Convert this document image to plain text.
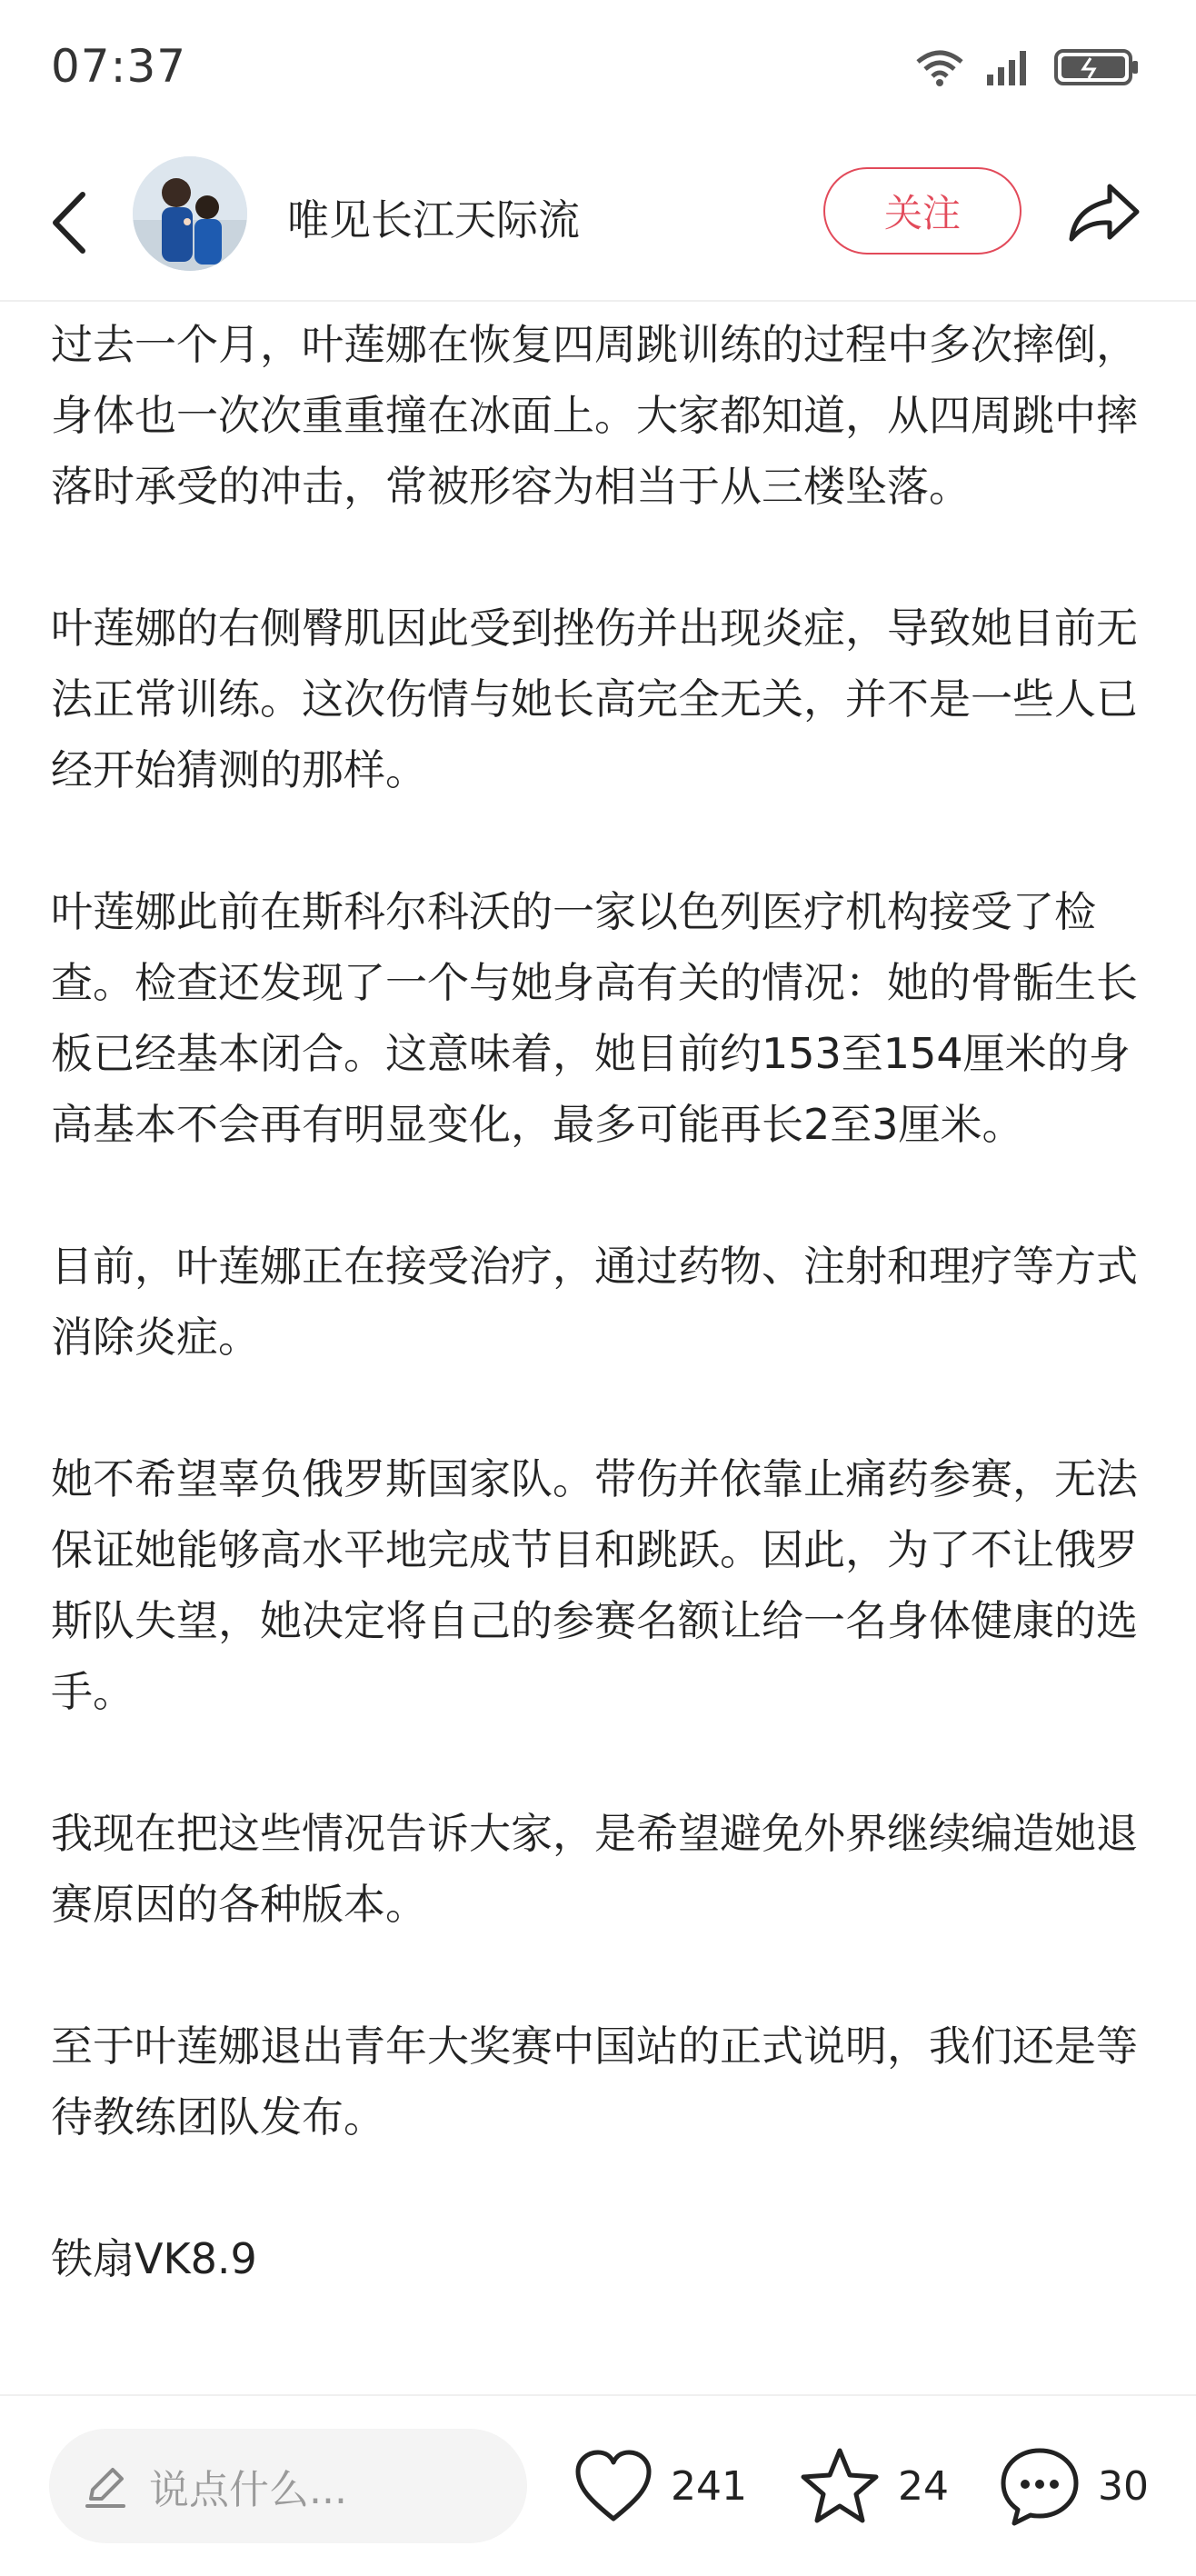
07:37
唯见长江天际流	关注

过去一个月，叶莲娜在恢复四周跳训练的过程中多次摔倒，身体也一次次重重撞在冰面上。大家都知道，从四周跳中摔落时承受的冲击，常被形容为相当于从三楼坠落。

叶莲娜的右侧臀肌因此受到挫伤并出现炎症，导致她目前无法正常训练。这次伤情与她长高完全无关，并不是一些人已经开始猜测的那样。

叶莲娜此前在斯科尔科沃的一家以色列医疗机构接受了检查。检查还发现了一个与她身高有关的情况：她的骨骺生长板已经基本闭合。这意味着，她目前约153至154厘米的身高基本不会再有明显变化，最多可能再长2至3厘米。

目前，叶莲娜正在接受治疗，通过药物、注射和理疗等方式消除炎症。

她不希望辜负俄罗斯国家队。带伤并依靠止痛药参赛，无法保证她能够高水平地完成节目和跳跃。因此，为了不让俄罗斯队失望，她决定将自己的参赛名额让给一名身体健康的选手。

我现在把这些情况告诉大家，是希望避免外界继续编造她退赛原因的各种版本。

至于叶莲娜退出青年大奖赛中国站的正式说明，我们还是等待教练团队发布。

铁扇VK8.9

说点什么...	241	24	30
